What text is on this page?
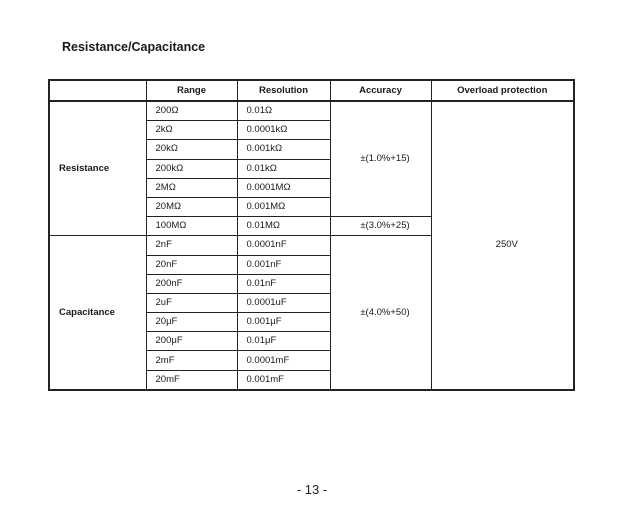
Resistance/Capacitance
	Range	Resolution	Accuracy	Overload protection
Resistance	200Ω	0.01Ω	±(1.0%+15)	250V
	2kΩ	0.0001kΩ		
	20kΩ	0.001kΩ		
	200kΩ	0.01kΩ		
	2MΩ	0.0001MΩ		
	20MΩ	0.001MΩ		
	100MΩ	0.01MΩ	±(3.0%+25)	
Capacitance	2nF	0.0001nF	±(4.0%+50)	
	20nF	0.001nF		
	200nF	0.01nF		
	2uF	0.0001uF		
	20μF	0.001μF		
	200μF	0.01μF		
	2mF	0.0001mF		
	20mF	0.001mF		
- 13 -
